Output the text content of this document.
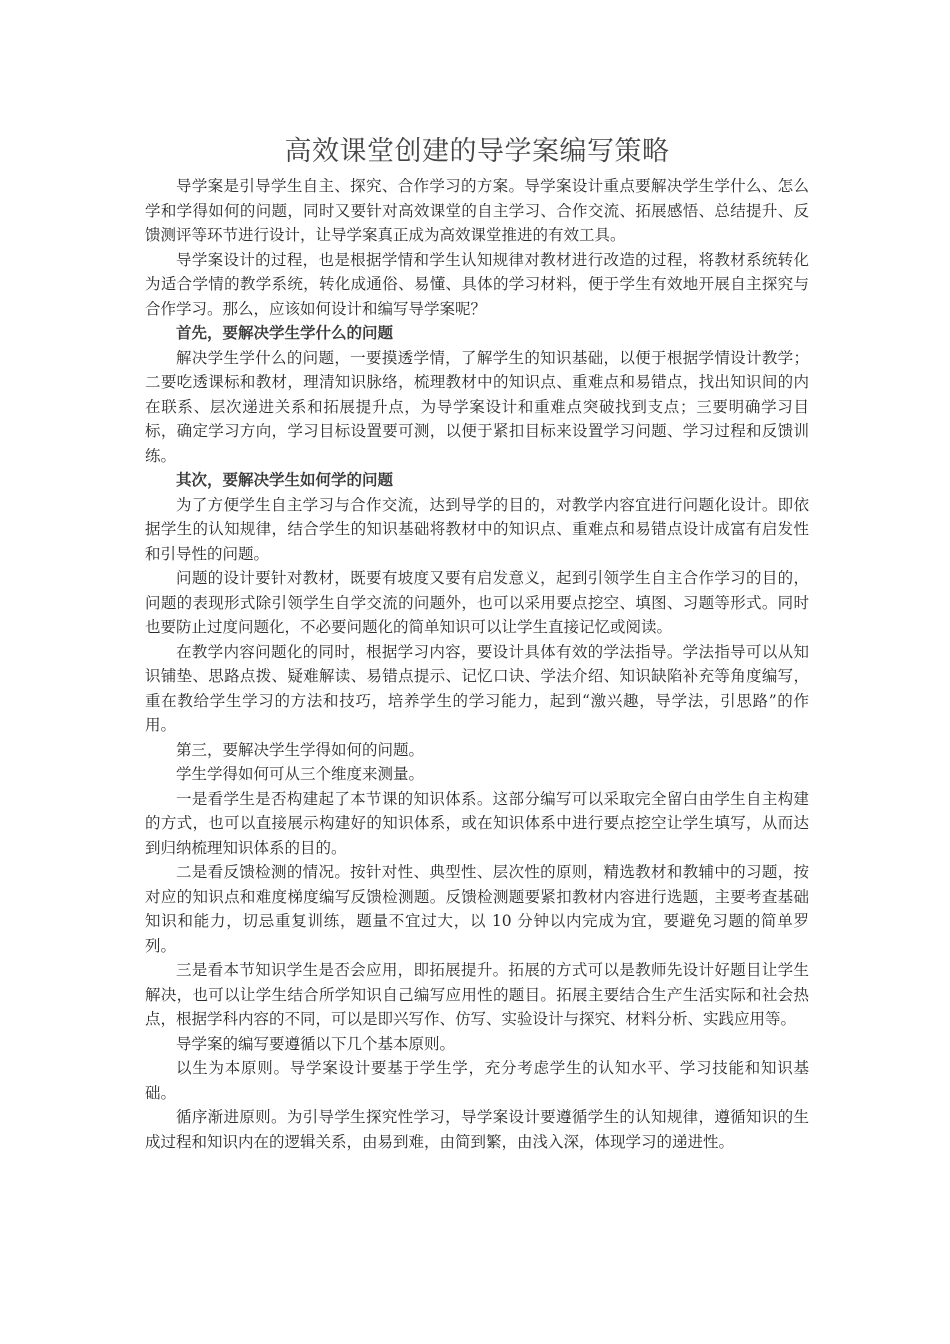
高效课堂创建的导学案编写策略

导学案是引导学生自主、探究、合作学习的方案。导学案设计重点要解决学生学什么、怎么学和学得如何的问题，同时又要针对高效课堂的自主学习、合作交流、拓展感悟、总结提升、反馈测评等环节进行设计，让导学案真正成为高效课堂推进的有效工具。

导学案设计的过程，也是根据学情和学生认知规律对教材进行改造的过程，将教材系统转化为适合学情的教学系统，转化成通俗、易懂、具体的学习材料，便于学生有效地开展自主探究与合作学习。那么，应该如何设计和编写导学案呢？

首先，要解决学生学什么的问题

解决学生学什么的问题，一要摸透学情，了解学生的知识基础，以便于根据学情设计教学；二要吃透课标和教材，理清知识脉络，梳理教材中的知识点、重难点和易错点，找出知识间的内在联系、层次递进关系和拓展提升点，为导学案设计和重难点突破找到支点；三要明确学习目标，确定学习方向，学习目标设置要可测，以便于紧扣目标来设置学习问题、学习过程和反馈训练。

其次，要解决学生如何学的问题

为了方便学生自主学习与合作交流，达到导学的目的，对教学内容宜进行问题化设计。即依据学生的认知规律，结合学生的知识基础将教材中的知识点、重难点和易错点设计成富有启发性和引导性的问题。

问题的设计要针对教材，既要有坡度又要有启发意义，起到引领学生自主合作学习的目的，问题的表现形式除引领学生自学交流的问题外，也可以采用要点挖空、填图、习题等形式。同时也要防止过度问题化，不必要问题化的简单知识可以让学生直接记忆或阅读。

在教学内容问题化的同时，根据学习内容，要设计具体有效的学法指导。学法指导可以从知识铺垫、思路点拨、疑难解读、易错点提示、记忆口诀、学法介绍、知识缺陷补充等角度编写，重在教给学生学习的方法和技巧，培养学生的学习能力，起到“激兴趣，导学法，引思路”的作用。

第三，要解决学生学得如何的问题。

学生学得如何可从三个维度来测量。

一是看学生是否构建起了本节课的知识体系。这部分编写可以采取完全留白由学生自主构建的方式，也可以直接展示构建好的知识体系，或在知识体系中进行要点挖空让学生填写，从而达到归纳梳理知识体系的目的。

二是看反馈检测的情况。按针对性、典型性、层次性的原则，精选教材和教辅中的习题，按对应的知识点和难度梯度编写反馈检测题。反馈检测题要紧扣教材内容进行选题，主要考查基础知识和能力，切忌重复训练，题量不宜过大，以 10 分钟以内完成为宜，要避免习题的简单罗列。

三是看本节知识学生是否会应用，即拓展提升。拓展的方式可以是教师先设计好题目让学生解决，也可以让学生结合所学知识自己编写应用性的题目。拓展主要结合生产生活实际和社会热点，根据学科内容的不同，可以是即兴写作、仿写、实验设计与探究、材料分析、实践应用等。

导学案的编写要遵循以下几个基本原则。

以生为本原则。导学案设计要基于学生学，充分考虑学生的认知水平、学习技能和知识基础。

循序渐进原则。为引导学生探究性学习，导学案设计要遵循学生的认知规律，遵循知识的生成过程和知识内在的逻辑关系，由易到难，由简到繁，由浅入深，体现学习的递进性。
